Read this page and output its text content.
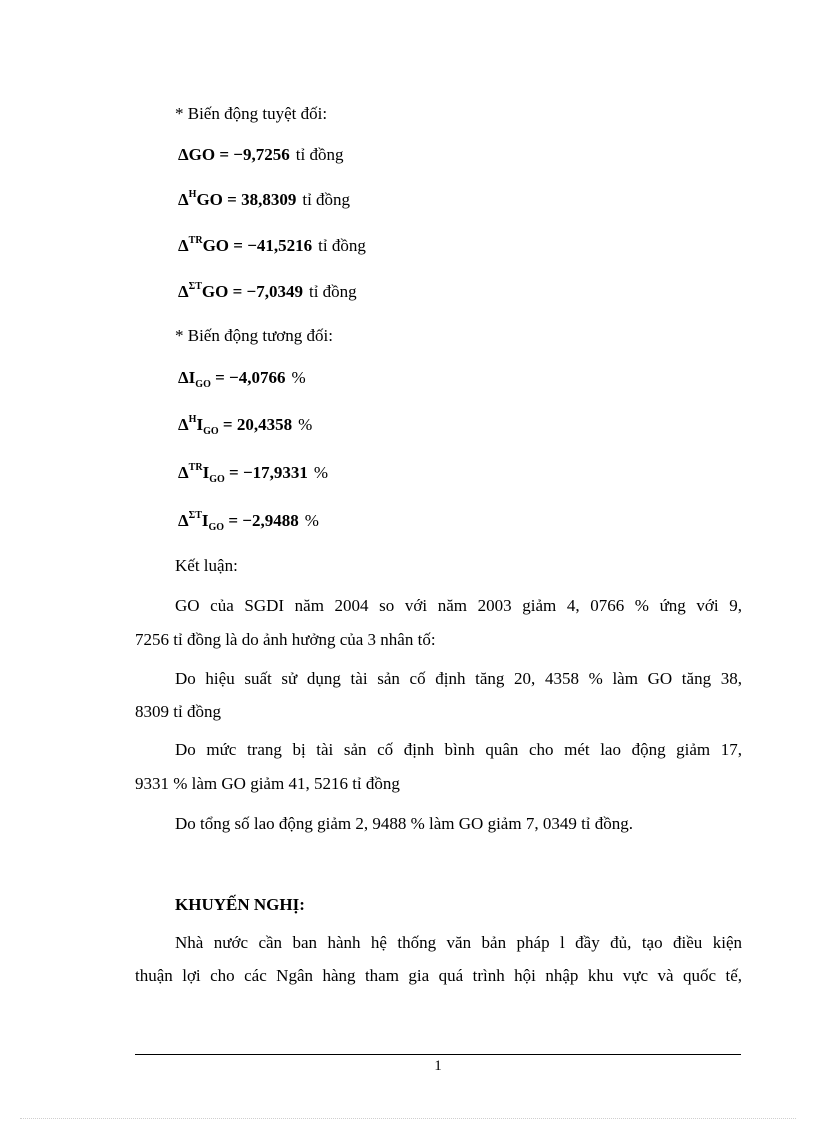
* Biến động tuyệt đối:
ΔGO = −9,7256 tỉ đồng
$\Delta^HGO = 38,8309$ tỉ đồng
$\Delta^{TR}GO = -41,5216$ tỉ đồng
$\Delta^{\Sigma T}GO = -7,0349$ tỉ đồng
* Biến động tương đối:
$\Delta I_{GO} = -4,0766$ %
$\Delta^HI_{GO} = 20,4358$ %
$\Delta^{TR}I_{GO} = -17,9331$ %
$\Delta^{\Sigma T}I_{GO} = -2,9488$ %
Kết luận:
GO của SGDI năm 2004 so với năm 2003 giảm 4, 0766 % ứng với 9,
7256 tỉ đồng là do ảnh hưởng của 3 nhân tố:
Do hiệu suất sử dụng tài sản cố định tăng 20, 4358 % làm GO tăng 38,
8309 tỉ đồng
Do mức trang bị tài sản cố định bình quân cho mét lao động giảm 17,
9331 % làm GO giảm 41, 5216 tỉ đồng
Do tổng số lao động giảm 2, 9488 % làm GO giảm 7, 0349 tỉ đồng.
KHUYẾN NGHỊ:
Nhà nước cần ban hành hệ thống văn bản pháp l đầy đủ, tạo điều kiện
thuận lợi cho các Ngân hàng tham gia quá trình hội nhập khu vực và quốc tế,
1
